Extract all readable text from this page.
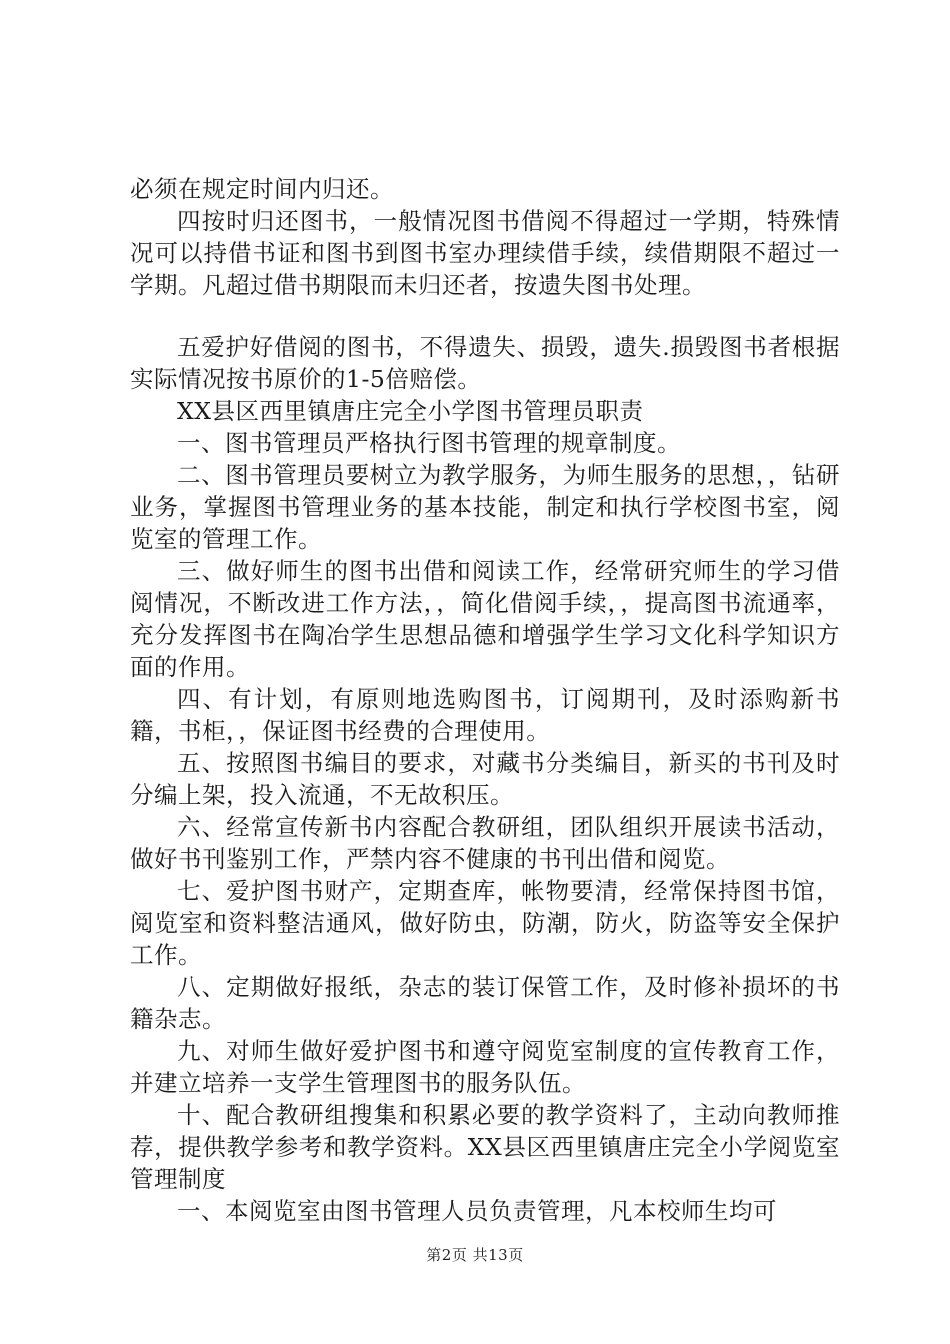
必须在规定时间内归还。

四按时归还图书，一般情况图书借阅不得超过一学期，特殊情况可以持借书证和图书到图书室办理续借手续，续借期限不超过一学期。凡超过借书期限而未归还者，按遗失图书处理。

五爱护好借阅的图书，不得遗失、损毁，遗失.损毁图书者根据实际情况按书原价的1-5倍赔偿。

XX县区西里镇唐庄完全小学图书管理员职责

一、图书管理员严格执行图书管理的规章制度。

二、图书管理员要树立为教学服务，为师生服务的思想，，钻研业务，掌握图书管理业务的基本技能，制定和执行学校图书室，阅览室的管理工作。

三、做好师生的图书出借和阅读工作，经常研究师生的学习借阅情况，不断改进工作方法，，简化借阅手续，，提高图书流通率，充分发挥图书在陶冶学生思想品德和增强学生学习文化科学知识方面的作用。

四、有计划，有原则地选购图书，订阅期刊，及时添购新书籍，书柜，，保证图书经费的合理使用。

五、按照图书编目的要求，对藏书分类编目，新买的书刊及时分编上架，投入流通，不无故积压。

六、经常宣传新书内容配合教研组，团队组织开展读书活动，做好书刊鉴别工作，严禁内容不健康的书刊出借和阅览。

七、爱护图书财产，定期查库，帐物要清，经常保持图书馆，阅览室和资料整洁通风，做好防虫，防潮，防火，防盗等安全保护工作。

八、定期做好报纸，杂志的装订保管工作，及时修补损坏的书籍杂志。

九、对师生做好爱护图书和遵守阅览室制度的宣传教育工作，并建立培养一支学生管理图书的服务队伍。

十、配合教研组搜集和积累必要的教学资料了，主动向教师推荐，提供教学参考和教学资料。XX县区西里镇唐庄完全小学阅览室管理制度

一、本阅览室由图书管理人员负责管理，凡本校师生均可

第2页 共13页
